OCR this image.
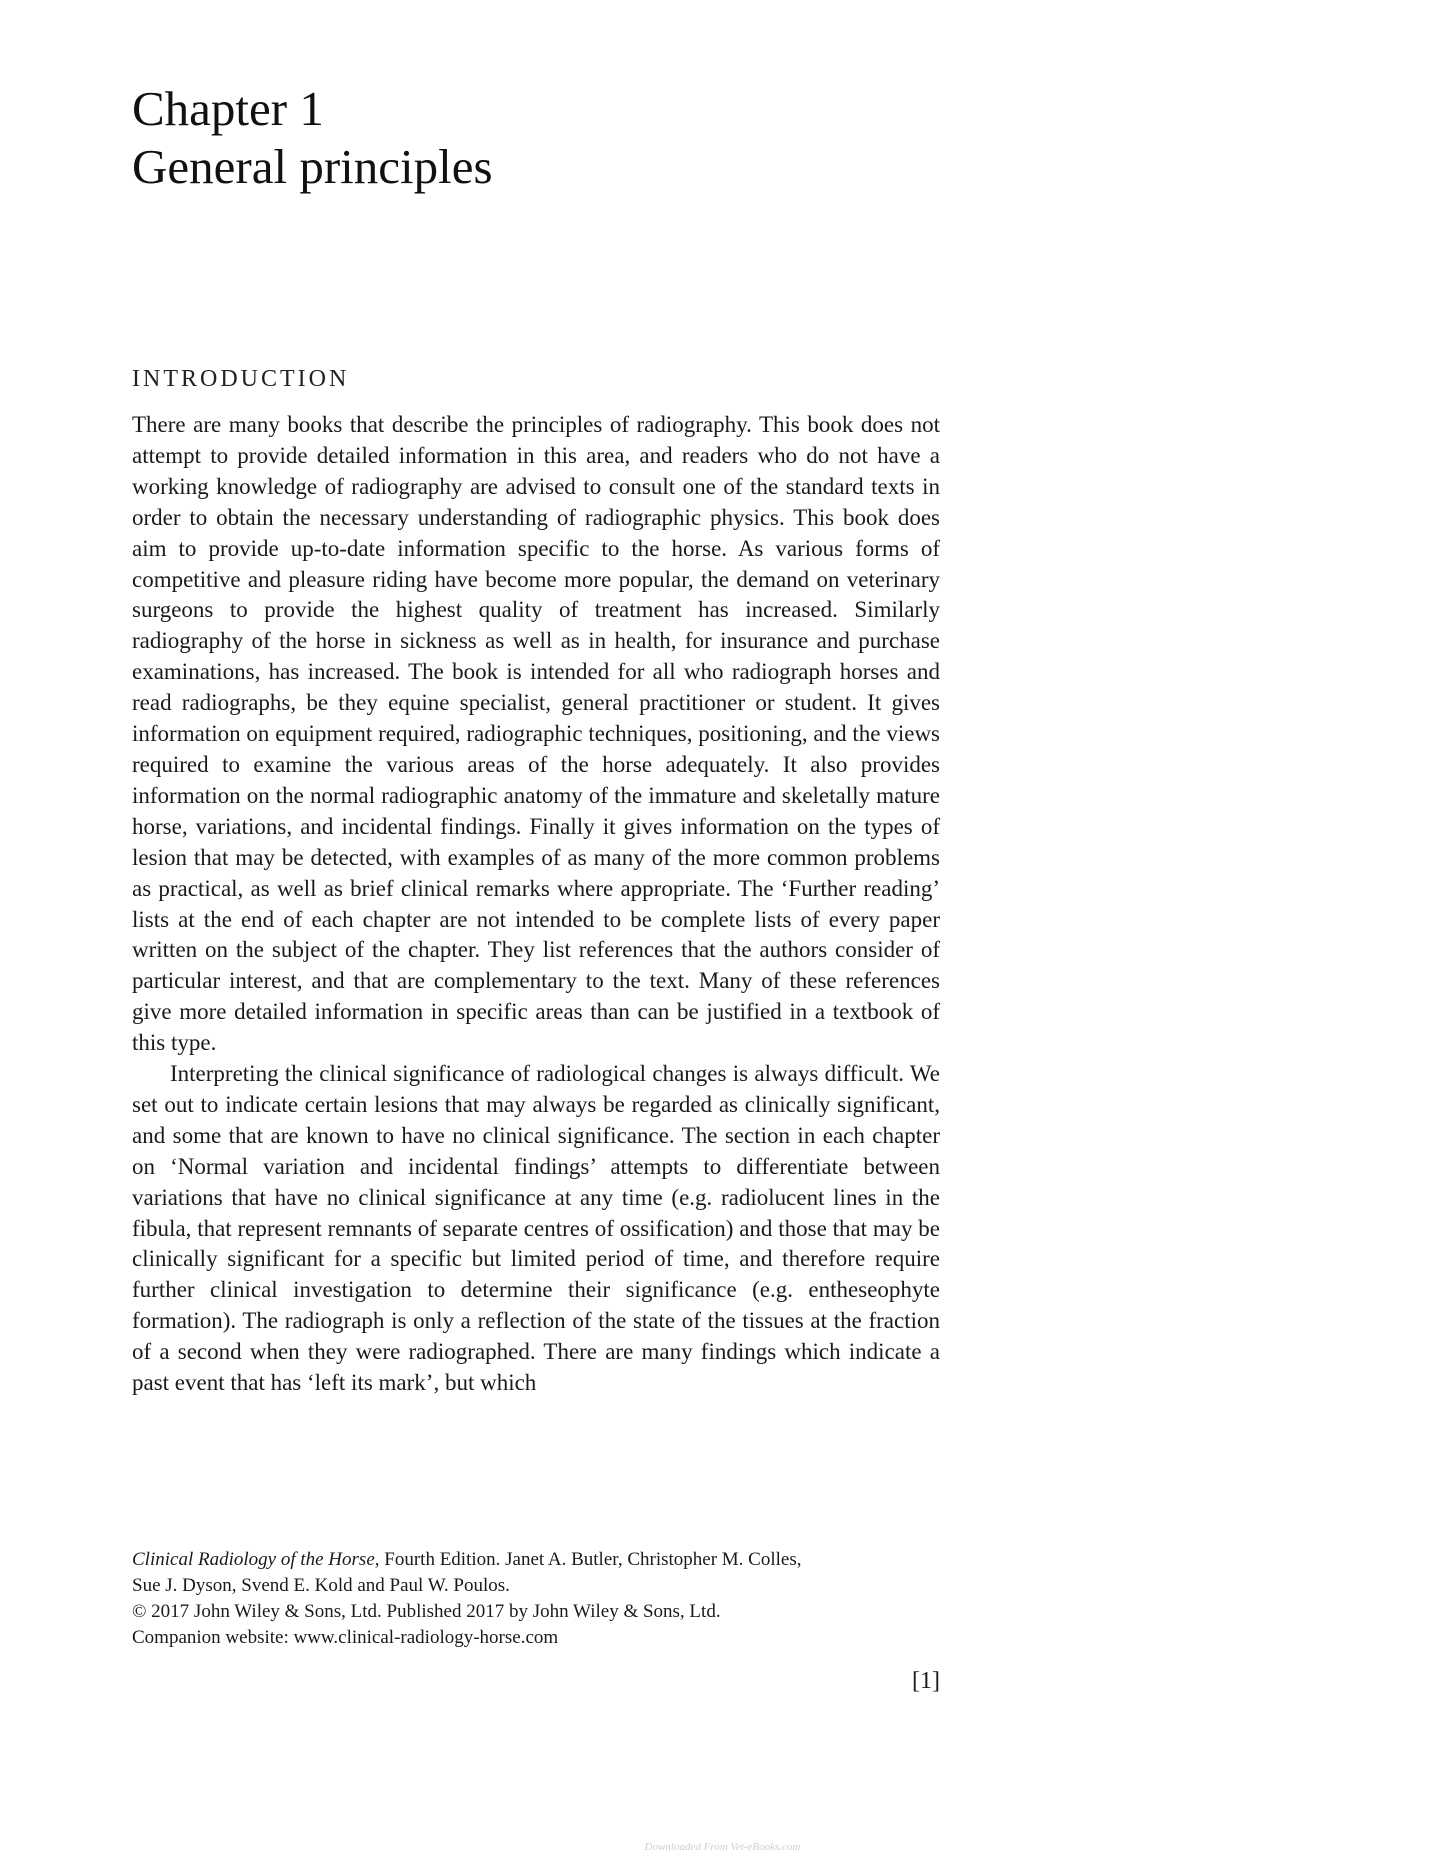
Chapter 1
General principles
INTRODUCTION

There are many books that describe the principles of radiography. This book does not attempt to provide detailed information in this area, and readers who do not have a working knowledge of radiography are advised to consult one of the standard texts in order to obtain the necessary understanding of radiographic physics. This book does aim to provide up-to-date information specific to the horse. As various forms of competitive and pleasure riding have become more popular, the demand on veterinary surgeons to provide the highest quality of treatment has increased. Similarly radiography of the horse in sickness as well as in health, for insurance and purchase examinations, has increased. The book is intended for all who radiograph horses and read radiographs, be they equine specialist, general practitioner or student. It gives information on equipment required, radiographic techniques, positioning, and the views required to examine the various areas of the horse adequately. It also provides information on the normal radiographic anatomy of the immature and skeletally mature horse, variations, and incidental findings. Finally it gives information on the types of lesion that may be detected, with examples of as many of the more common problems as practical, as well as brief clinical remarks where appropriate. The ‘Further reading’ lists at the end of each chapter are not intended to be complete lists of every paper written on the subject of the chapter. They list references that the authors consider of particular interest, and that are complementary to the text. Many of these references give more detailed information in specific areas than can be justified in a textbook of this type.

Interpreting the clinical significance of radiological changes is always difficult. We set out to indicate certain lesions that may always be regarded as clinically significant, and some that are known to have no clinical significance. The section in each chapter on ‘Normal variation and incidental findings’ attempts to differentiate between variations that have no clinical significance at any time (e.g. radiolucent lines in the fibula, that represent remnants of separate centres of ossification) and those that may be clinically significant for a specific but limited period of time, and therefore require further clinical investigation to determine their significance (e.g. entheseophyte formation). The radiograph is only a reflection of the state of the tissues at the fraction of a second when they were radiographed. There are many findings which indicate a past event that has ‘left its mark’, but which

Clinical Radiology of the Horse, Fourth Edition. Janet A. Butler, Christopher M. Colles,
Sue J. Dyson, Svend E. Kold and Paul W. Poulos.
© 2017 John Wiley & Sons, Ltd. Published 2017 by John Wiley & Sons, Ltd.
Companion website: www.clinical-radiology-horse.com
[1]
Downloaded From Vet-eBooks.com
